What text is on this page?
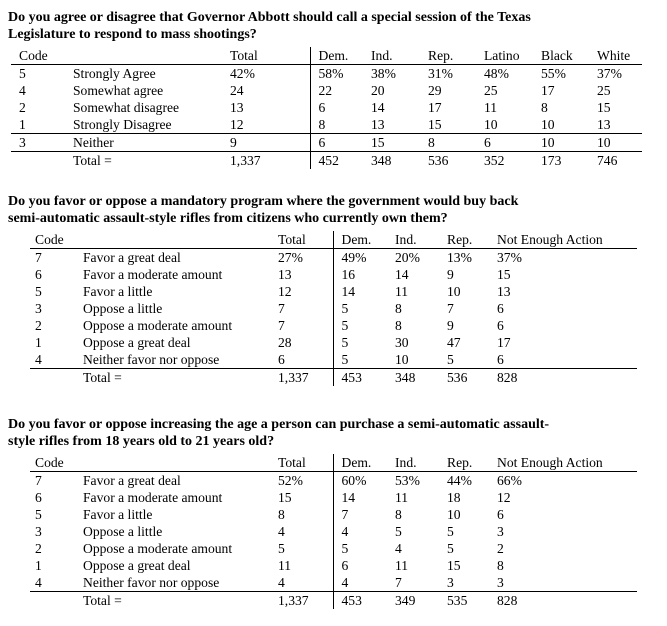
Do you agree or disagree that Governor Abbott should call a special session of the Texas
Legislature to respond to mass shootings?
Code		Total	Dem.	Ind.	Rep.	Latino	Black	White
5	Strongly Agree	42%	58%	38%	31%	48%	55%	37%
4	Somewhat agree	24	22	20	29	25	17	25
2	Somewhat disagree	13	6	14	17	11	8	15
1	Strongly Disagree	12	8	13	15	10	10	13
3	Neither	9	6	15	8	6	10	10
	Total =	1,337	452	348	536	352	173	746
Do you favor or oppose a mandatory program where the government would buy back
semi-automatic assault-style rifles from citizens who currently own them?
Code		Total	Dem.	Ind.	Rep.	Not Enough Action
7	Favor a great deal	27%	49%	20%	13%	37%
6	Favor a moderate amount	13	16	14	9	15
5	Favor a little	12	14	11	10	13
3	Oppose a little	7	5	8	7	6
2	Oppose a moderate amount	7	5	8	9	6
1	Oppose a great deal	28	5	30	47	17
4	Neither favor nor oppose	6	5	10	5	6
	Total =	1,337	453	348	536	828
Do you favor or oppose increasing the age a person can purchase a semi-automatic assault-
style rifles from 18 years old to 21 years old?
Code		Total	Dem.	Ind.	Rep.	Not Enough Action
7	Favor a great deal	52%	60%	53%	44%	66%
6	Favor a moderate amount	15	14	11	18	12
5	Favor a little	8	7	8	10	6
3	Oppose a little	4	4	5	5	3
2	Oppose a moderate amount	5	5	4	5	2
1	Oppose a great deal	11	6	11	15	8
4	Neither favor nor oppose	4	4	7	3	3
	Total =	1,337	453	349	535	828
